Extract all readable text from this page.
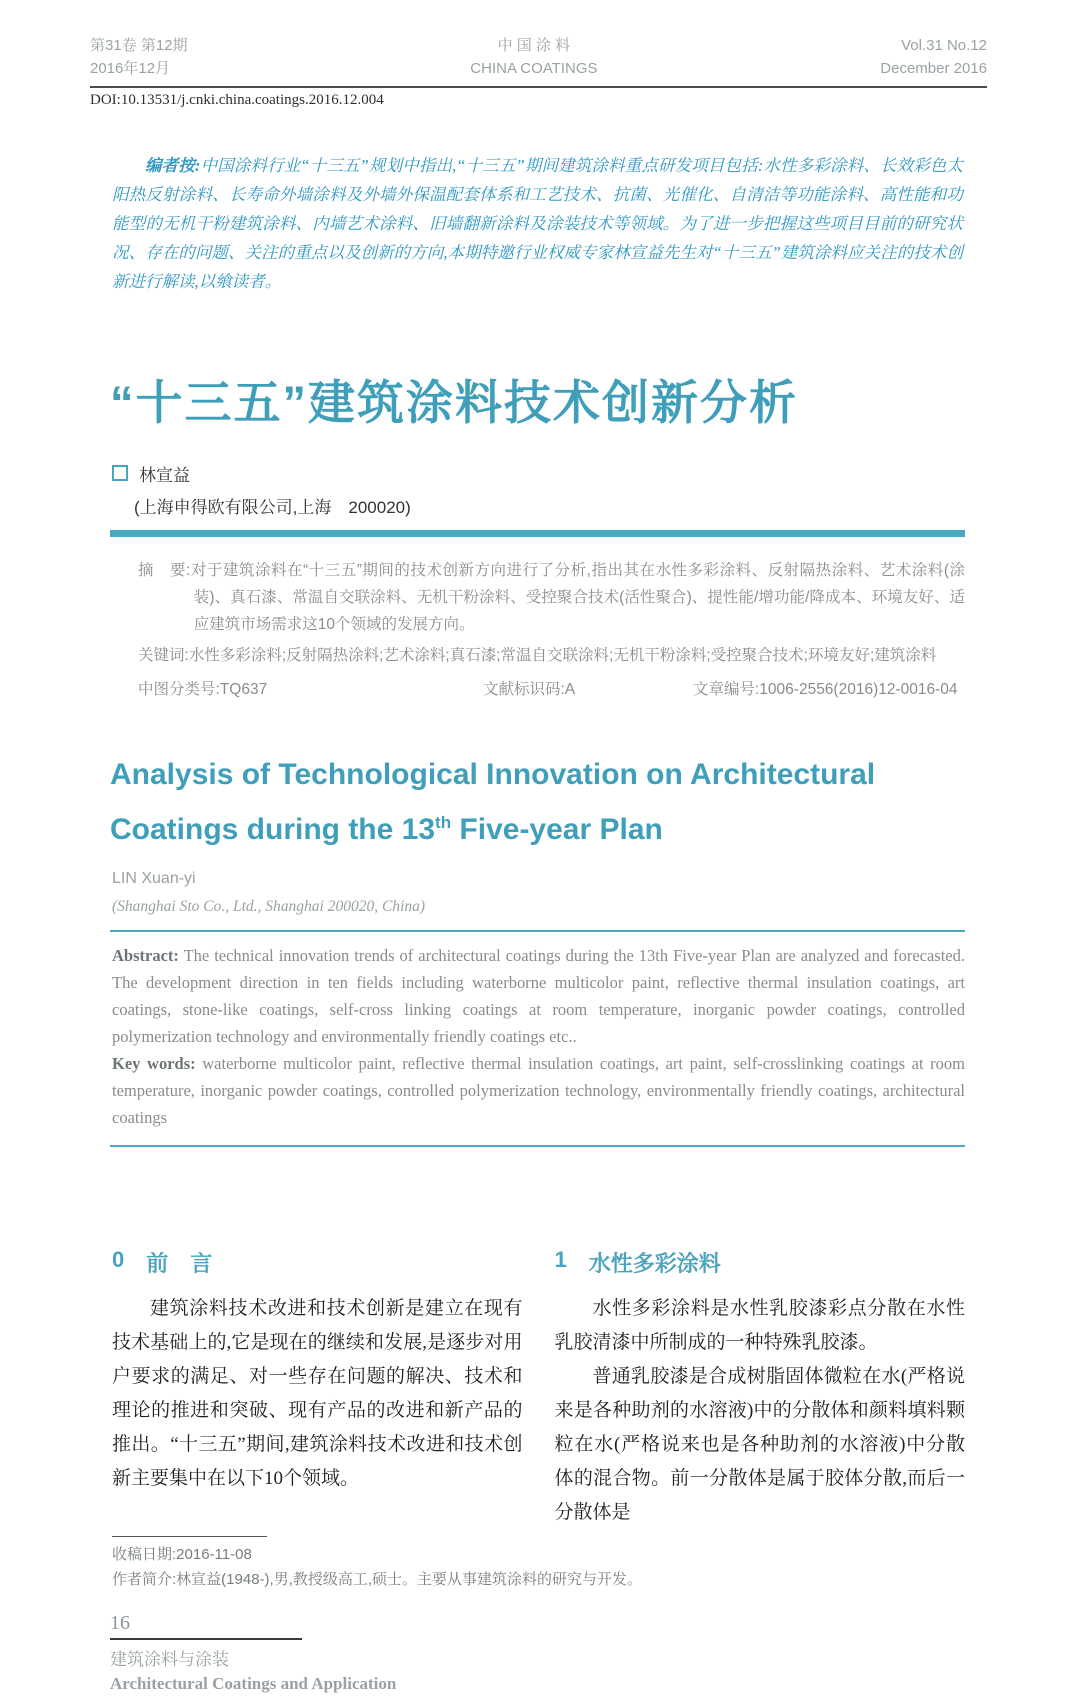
第31卷 第12期
2016年12月
中 国 涂 料
CHINA COATINGS
Vol.31 No.12
December 2016
DOI:10.13531/j.cnki.china.coatings.2016.12.004
编者按:中国涂料行业“十三五”规划中指出,“十三五”期间建筑涂料重点研发项目包括:水性多彩涂料、长效彩色太阳热反射涂料、长寿命外墙涂料及外墙外保温配套体系和工艺技术、抗菌、光催化、自清洁等功能涂料、高性能和功能型的无机干粉建筑涂料、内墙艺术涂料、旧墙翻新涂料及涂装技术等领域。为了进一步把握这些项目目前的研究状况、存在的问题、关注的重点以及创新的方向,本期特邀行业权威专家林宣益先生对“十三五”建筑涂料应关注的技术创新进行解读,以飨读者。
“十三五”建筑涂料技术创新分析
林宣益
(上海申得欧有限公司,上海　200020)

摘　要:对于建筑涂料在“十三五”期间的技术创新方向进行了分析,指出其在水性多彩涂料、反射隔热涂料、艺术涂料(涂装)、真石漆、常温自交联涂料、无机干粉涂料、受控聚合技术(活性聚合)、提性能/增功能/降成本、环境友好、适应建筑市场需求这10个领域的发展方向。

关键词:水性多彩涂料;反射隔热涂料;艺术涂料;真石漆;常温自交联涂料;无机干粉涂料;受控聚合技术;环境友好;建筑涂料

中图分类号:TQ637	文献标识码:A	文章编号:1006-2556(2016)12-0016-04
Analysis of Technological Innovation on Architectural
Coatings during the 13th Five-year Plan
LIN Xuan-yi
(Shanghai Sto Co., Ltd., Shanghai 200020, China)

Abstract: The technical innovation trends of architectural coatings during the 13th Five-year Plan are analyzed and forecasted. The development direction in ten fields including waterborne multicolor paint, reflective thermal insulation coatings, art coatings, stone-like coatings, self-cross linking coatings at room temperature, inorganic powder coatings, controlled polymerization technology and environmentally friendly coatings etc..

Key words: waterborne multicolor paint, reflective thermal insulation coatings, art paint, self-crosslinking coatings at room temperature, inorganic powder coatings, controlled polymerization technology, environmentally friendly coatings, architectural coatings

0 前　言

建筑涂料技术改进和技术创新是建立在现有技术基础上的,它是现在的继续和发展,是逐步对用户要求的满足、对一些存在问题的解决、技术和理论的推进和突破、现有产品的改进和新产品的推出。“十三五”期间,建筑涂料技术改进和技术创新主要集中在以下10个领域。

1 水性多彩涂料

水性多彩涂料是水性乳胶漆彩点分散在水性乳胶清漆中所制成的一种特殊乳胶漆。

普通乳胶漆是合成树脂固体微粒在水(严格说来是各种助剂的水溶液)中的分散体和颜料填料颗粒在水(严格说来也是各种助剂的水溶液)中分散体的混合物。前一分散体是属于胶体分散,而后一分散体是

收稿日期:2016-11-08
作者简介:林宣益(1948-),男,教授级高工,硕士。主要从事建筑涂料的研究与开发。
16
建筑涂料与涂装
Architectural Coatings and Application
